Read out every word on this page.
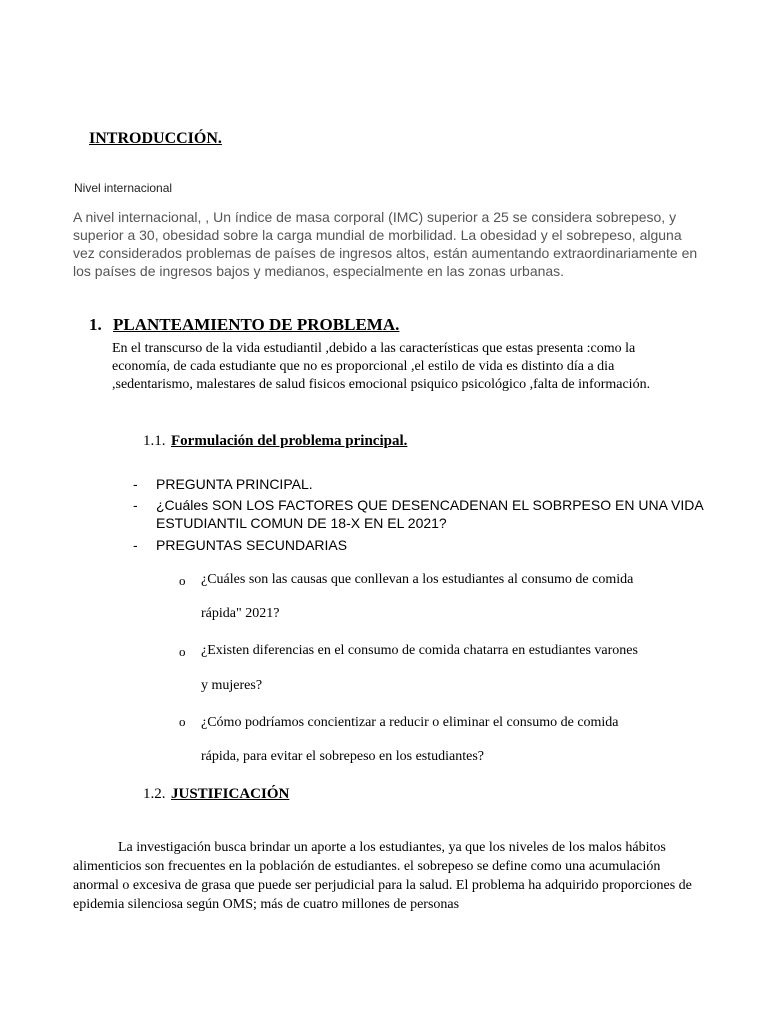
INTRODUCCIÓN.
Nivel internacional
A nivel internacional, , Un índice de masa corporal (IMC) superior a 25 se considera sobrepeso, y superior a 30, obesidad sobre la carga mundial de morbilidad. La obesidad y el sobrepeso, alguna vez considerados problemas de países de ingresos altos, están aumentando extraordinariamente en los países de ingresos bajos y medianos, especialmente en las zonas urbanas.
1. PLANTEAMIENTO DE PROBLEMA.
En el transcurso de la vida estudiantil ,debido a las características que estas presenta :como la economía, de cada estudiante que no es proporcional ,el estilo de vida es distinto día a dia ,sedentarismo, malestares de salud fisicos emocional psiquico psicológico ,falta de información.
1.1. Formulación del problema principal.
- PREGUNTA PRINCIPAL.
- ¿Cuáles SON LOS FACTORES QUE DESENCADENAN EL SOBRPESO EN UNA VIDA ESTUDIANTIL COMUN DE 18-X EN EL 2021?
- PREGUNTAS SECUNDARIAS
o ¿Cuáles son las causas que conllevan a los estudiantes al consumo de comida
rápida" 2021?
o ¿Existen diferencias en el consumo de comida chatarra en estudiantes varones
y mujeres?
o ¿Cómo podríamos concientizar a reducir o eliminar el consumo de comida
rápida, para evitar el sobrepeso en los estudiantes?
1.2. JUSTIFICACIÓN
La investigación busca brindar un aporte a los estudiantes, ya que los niveles de los malos hábitos alimenticios son frecuentes en la población de estudiantes. el sobrepeso se define como una acumulación anormal o excesiva de grasa que puede ser perjudicial para la salud. El problema ha adquirido proporciones de epidemia silenciosa según OMS; más de cuatro millones de personas
